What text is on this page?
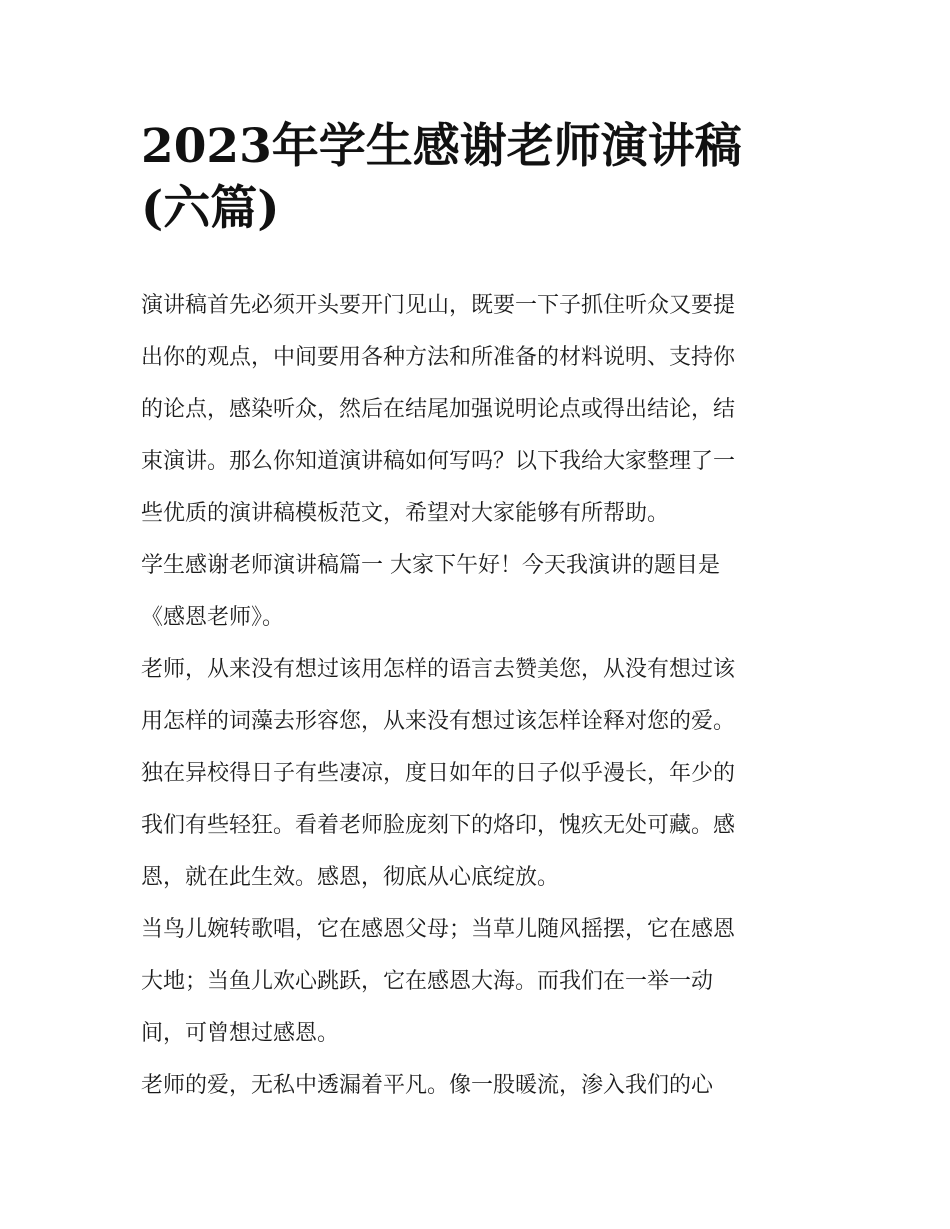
2023年学生感谢老师演讲稿
(六篇)

演讲稿首先必须开头要开门见山，既要一下子抓住听众又要提

出你的观点，中间要用各种方法和所准备的材料说明、支持你

的论点，感染听众，然后在结尾加强说明论点或得出结论，结

束演讲。那么你知道演讲稿如何写吗？以下我给大家整理了一

些优质的演讲稿模板范文，希望对大家能够有所帮助。

学生感谢老师演讲稿篇一 大家下午好！今天我演讲的题目是

《感恩老师》。

老师，从来没有想过该用怎样的语言去赞美您，从没有想过该

用怎样的词藻去形容您，从来没有想过该怎样诠释对您的爱。

独在异校得日子有些凄凉，度日如年的日子似乎漫长，年少的

我们有些轻狂。看着老师脸庞刻下的烙印，愧疚无处可藏。感

恩，就在此生效。感恩，彻底从心底绽放。

当鸟儿婉转歌唱，它在感恩父母；当草儿随风摇摆，它在感恩

大地；当鱼儿欢心跳跃，它在感恩大海。而我们在一举一动

间，可曾想过感恩。

老师的爱，无私中透漏着平凡。像一股暖流，渗入我们的心
